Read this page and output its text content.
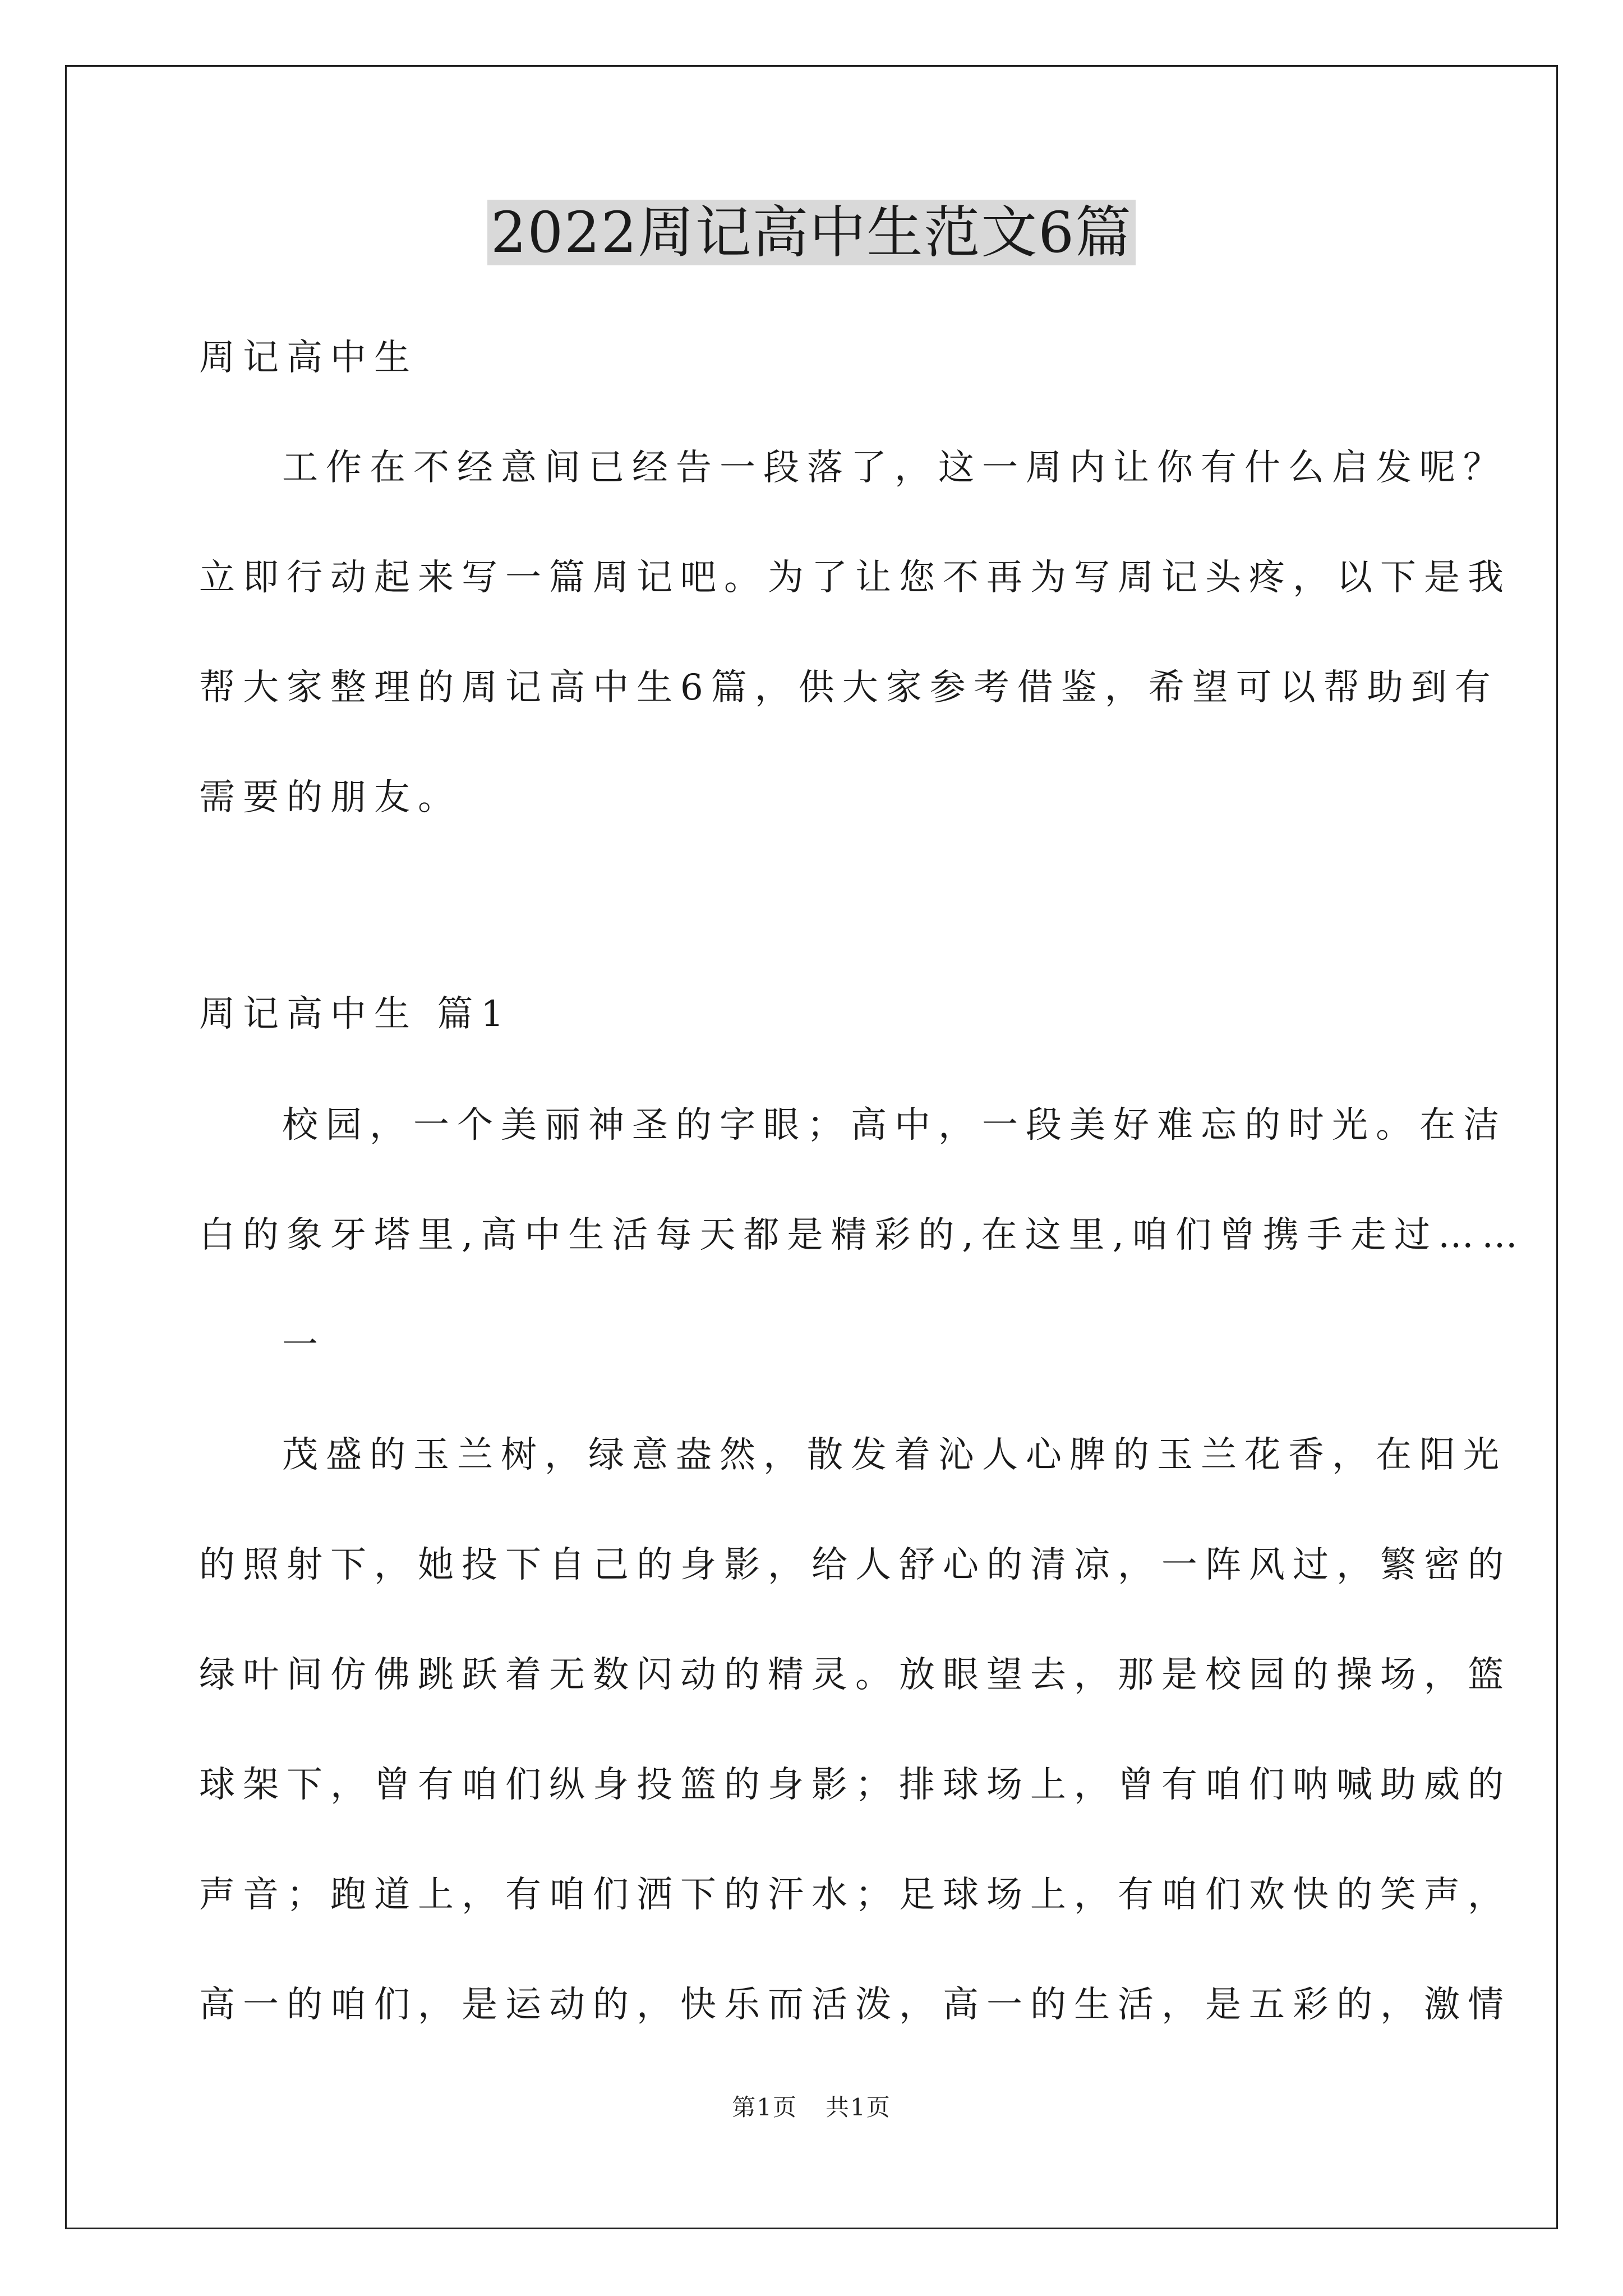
2022周记高中生范文6篇
周记高中生
工作在不经意间已经告一段落了，这一周内让你有什么启发呢？
立即行动起来写一篇周记吧。为了让您不再为写周记头疼，以下是我
帮大家整理的周记高中生6篇，供大家参考借鉴，希望可以帮助到有
需要的朋友。
周记高中生 篇1
校园，一个美丽神圣的字眼；高中，一段美好难忘的时光。在洁
白的象牙塔里,高中生活每天都是精彩的,在这里,咱们曾携手走过……
一
茂盛的玉兰树，绿意盎然，散发着沁人心脾的玉兰花香，在阳光
的照射下，她投下自己的身影，给人舒心的清凉，一阵风过，繁密的
绿叶间仿佛跳跃着无数闪动的精灵。放眼望去，那是校园的操场，篮
球架下，曾有咱们纵身投篮的身影；排球场上，曾有咱们呐喊助威的
声音；跑道上，有咱们洒下的汗水；足球场上，有咱们欢快的笑声，
高一的咱们，是运动的，快乐而活泼，高一的生活，是五彩的，激情
第1页 共1页
